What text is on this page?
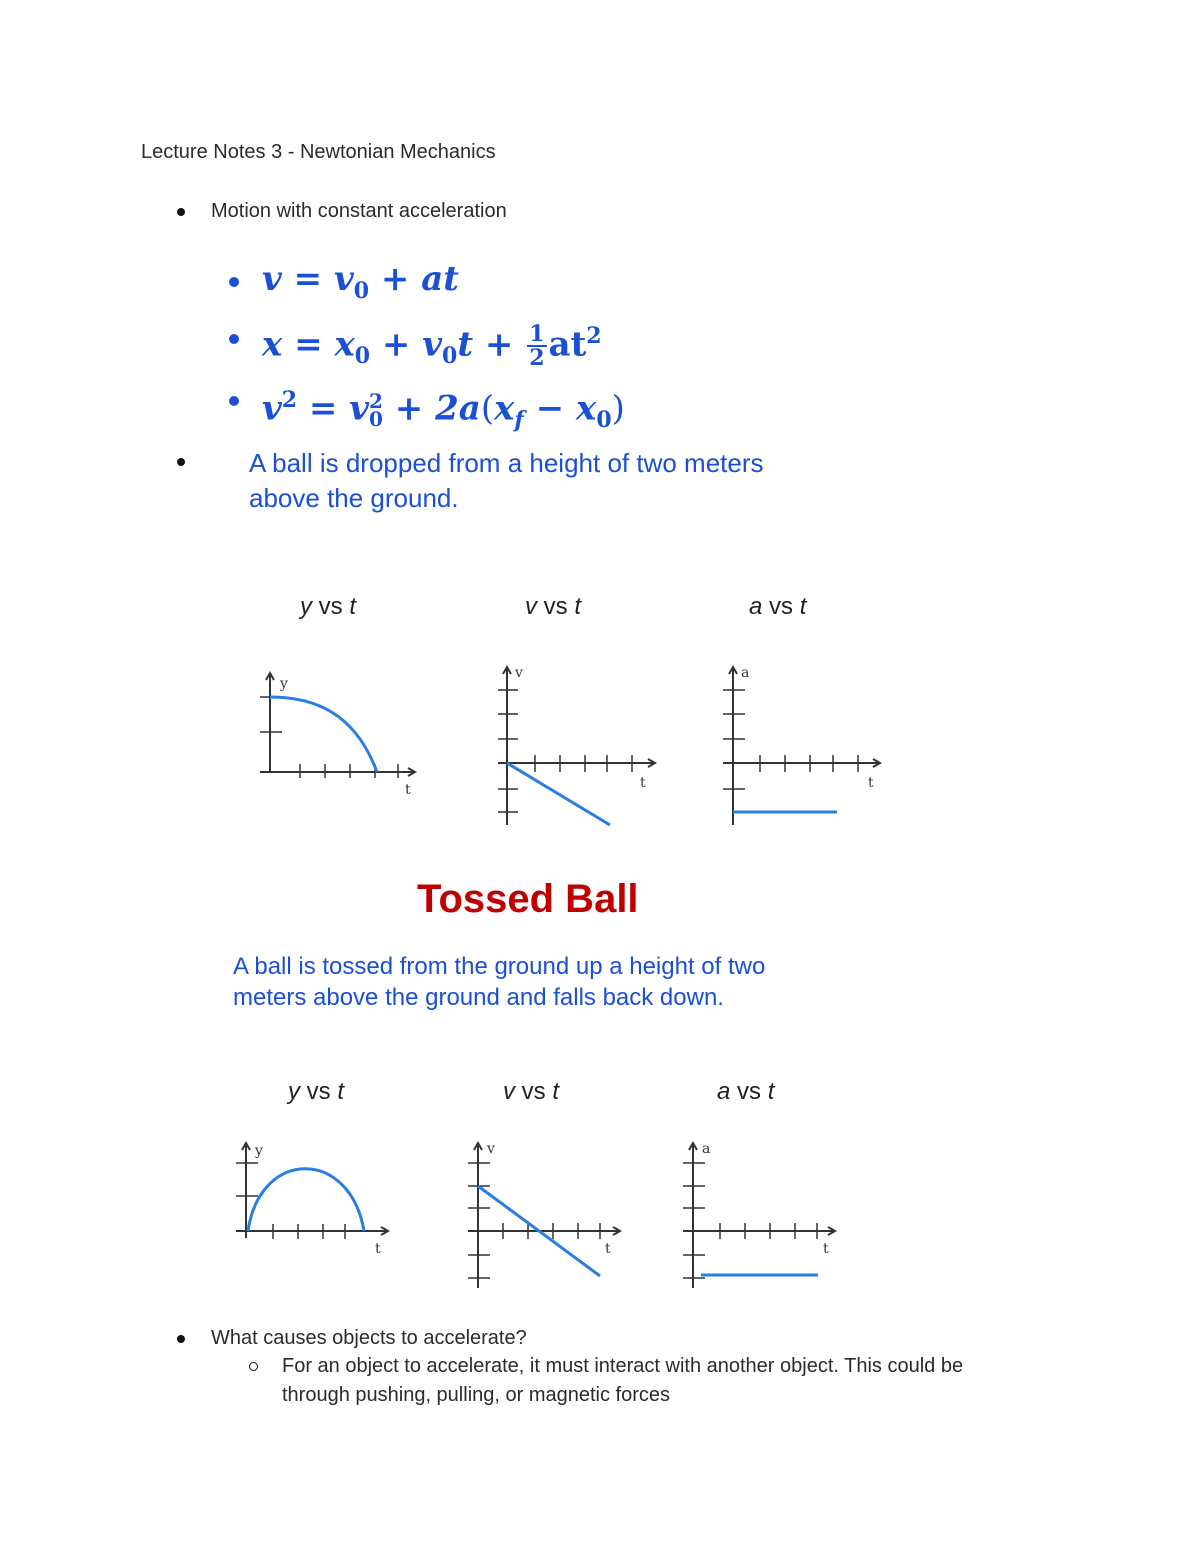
Lecture Notes 3 - Newtonian Mechanics
Motion with constant acceleration
$v = v_0$ + at
$x = x_0 + v_0t + \frac{1}{2} at^2$
$v^2 = v$ 2
$0 + 2a(x_f - x_0)$
A ball is dropped from a height of two meters
above the ground.
y vs t	v vs t	a vs t
y
t
v
t
a
t
Tossed Ball
A ball is tossed from the ground up a height of two
meters above the ground and falls back down.
y vs t	v vs t	a vs t
y
t
v
t
a
t
What causes objects to accelerate?
For an object to accelerate, it must interact with another object. This could be
through pushing, pulling, or magnetic forces
